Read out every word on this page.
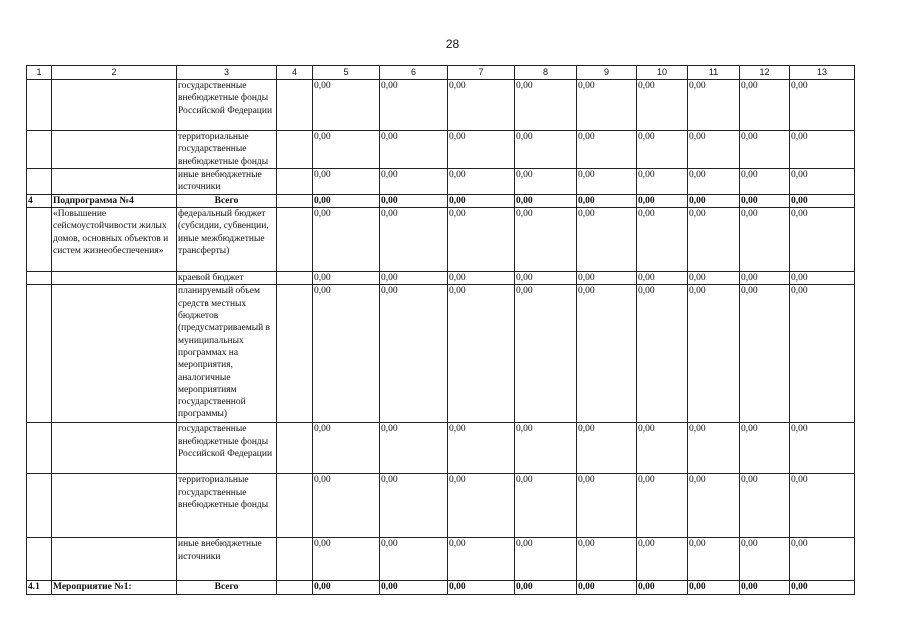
28
1	2	3	4	5	6	7	8	9	10	11	12	13
		государственные внебюджетные фонды Российской Федерации		0,00	0,00	0,00	0,00	0,00	0,00	0,00	0,00	0,00
		территориальные государственные внебюджетные фонды		0,00	0,00	0,00	0,00	0,00	0,00	0,00	0,00	0,00
		иные внебюджетные источники		0,00	0,00	0,00	0,00	0,00	0,00	0,00	0,00	0,00
4	Подпрограмма №4	Всего		0,00	0,00	0,00	0,00	0,00	0,00	0,00	0,00	0,00
	«Повышение сейсмоустойчивости жилых домов, основных объектов и систем жизнеобеспечения»	федеральный бюджет (субсидии, субвенции, иные межбюджетные трансферты)		0,00	0,00	0,00	0,00	0,00	0,00	0,00	0,00	0,00
		краевой бюджет		0,00	0,00	0,00	0,00	0,00	0,00	0,00	0,00	0,00
		планируемый объем средств местных бюджетов (предусматриваемый в муниципальных программах на мероприятия, аналогичные мероприятиям государственной программы)		0,00	0,00	0,00	0,00	0,00	0,00	0,00	0,00	0,00
		государственные внебюджетные фонды Российской Федерации		0,00	0,00	0,00	0,00	0,00	0,00	0,00	0,00	0,00
		территориальные государственные внебюджетные фонды		0,00	0,00	0,00	0,00	0,00	0,00	0,00	0,00	0,00
		иные внебюджетные источники		0,00	0,00	0,00	0,00	0,00	0,00	0,00	0,00	0,00
4.1	Мероприятие №1:	Всего		0,00	0,00	0,00	0,00	0,00	0,00	0,00	0,00	0,00
